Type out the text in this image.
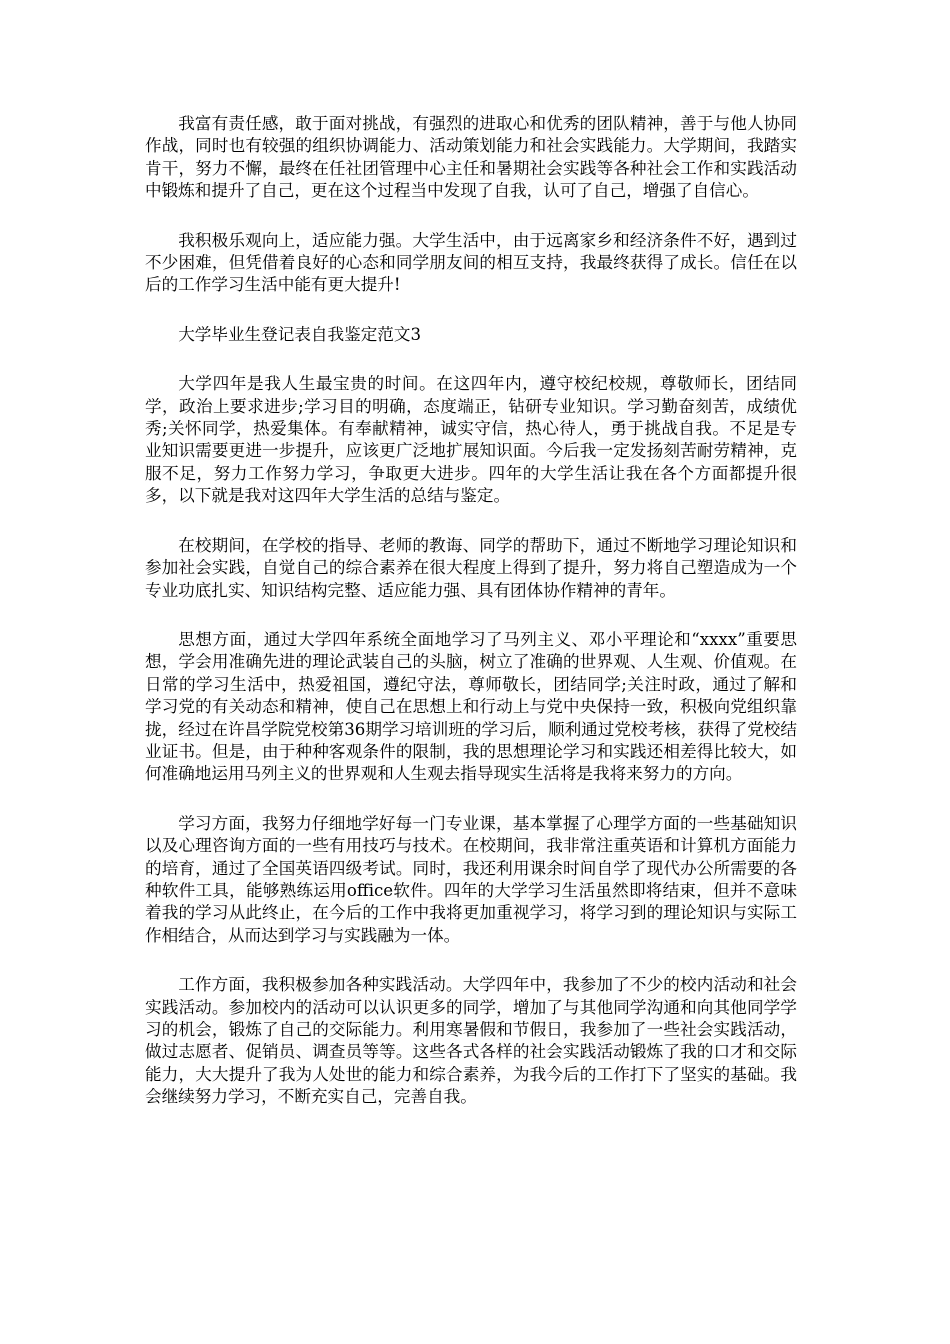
我富有责任感，敢于面对挑战，有强烈的进取心和优秀的团队精神，善于与他人协同作战，同时也有较强的组织协调能力、活动策划能力和社会实践能力。大学期间，我踏实肯干，努力不懈，最终在任社团管理中心主任和暑期社会实践等各种社会工作和实践活动中锻炼和提升了自己，更在这个过程当中发现了自我，认可了自己，增强了自信心。

我积极乐观向上，适应能力强。大学生活中，由于远离家乡和经济条件不好，遇到过不少困难，但凭借着良好的心态和同学朋友间的相互支持，我最终获得了成长。信任在以后的工作学习生活中能有更大提升!

大学毕业生登记表自我鉴定范文3

大学四年是我人生最宝贵的时间。在这四年内，遵守校纪校规，尊敬师长，团结同学，政治上要求进步;学习目的明确，态度端正，钻研专业知识。学习勤奋刻苦，成绩优秀;关怀同学，热爱集体。有奉献精神，诚实守信，热心待人，勇于挑战自我。不足是专业知识需要更进一步提升，应该更广泛地扩展知识面。今后我一定发扬刻苦耐劳精神，克服不足，努力工作努力学习，争取更大进步。四年的大学生活让我在各个方面都提升很多，以下就是我对这四年大学生活的总结与鉴定。

在校期间，在学校的指导、老师的教诲、同学的帮助下，通过不断地学习理论知识和参加社会实践，自觉自己的综合素养在很大程度上得到了提升，努力将自己塑造成为一个专业功底扎实、知识结构完整、适应能力强、具有团体协作精神的青年。

思想方面，通过大学四年系统全面地学习了马列主义、邓小平理论和“xxxx”重要思想，学会用准确先进的理论武装自己的头脑，树立了准确的世界观、人生观、价值观。在日常的学习生活中，热爱祖国，遵纪守法，尊师敬长，团结同学;关注时政，通过了解和学习党的有关动态和精神，使自己在思想上和行动上与党中央保持一致，积极向党组织靠拢，经过在许昌学院党校第36期学习培训班的学习后，顺利通过党校考核，获得了党校结业证书。但是，由于种种客观条件的限制，我的思想理论学习和实践还相差得比较大，如何准确地运用马列主义的世界观和人生观去指导现实生活将是我将来努力的方向。

学习方面，我努力仔细地学好每一门专业课，基本掌握了心理学方面的一些基础知识以及心理咨询方面的一些有用技巧与技术。在校期间，我非常注重英语和计算机方面能力的培育，通过了全国英语四级考试。同时，我还利用课余时间自学了现代办公所需要的各种软件工具，能够熟练运用office软件。四年的大学学习生活虽然即将结束，但并不意味着我的学习从此终止，在今后的工作中我将更加重视学习，将学习到的理论知识与实际工作相结合，从而达到学习与实践融为一体。

工作方面，我积极参加各种实践活动。大学四年中，我参加了不少的校内活动和社会实践活动。参加校内的活动可以认识更多的同学，增加了与其他同学沟通和向其他同学学习的机会，锻炼了自己的交际能力。利用寒暑假和节假日，我参加了一些社会实践活动，做过志愿者、促销员、调查员等等。这些各式各样的社会实践活动锻炼了我的口才和交际能力，大大提升了我为人处世的能力和综合素养，为我今后的工作打下了坚实的基础。我会继续努力学习，不断充实自己，完善自我。
